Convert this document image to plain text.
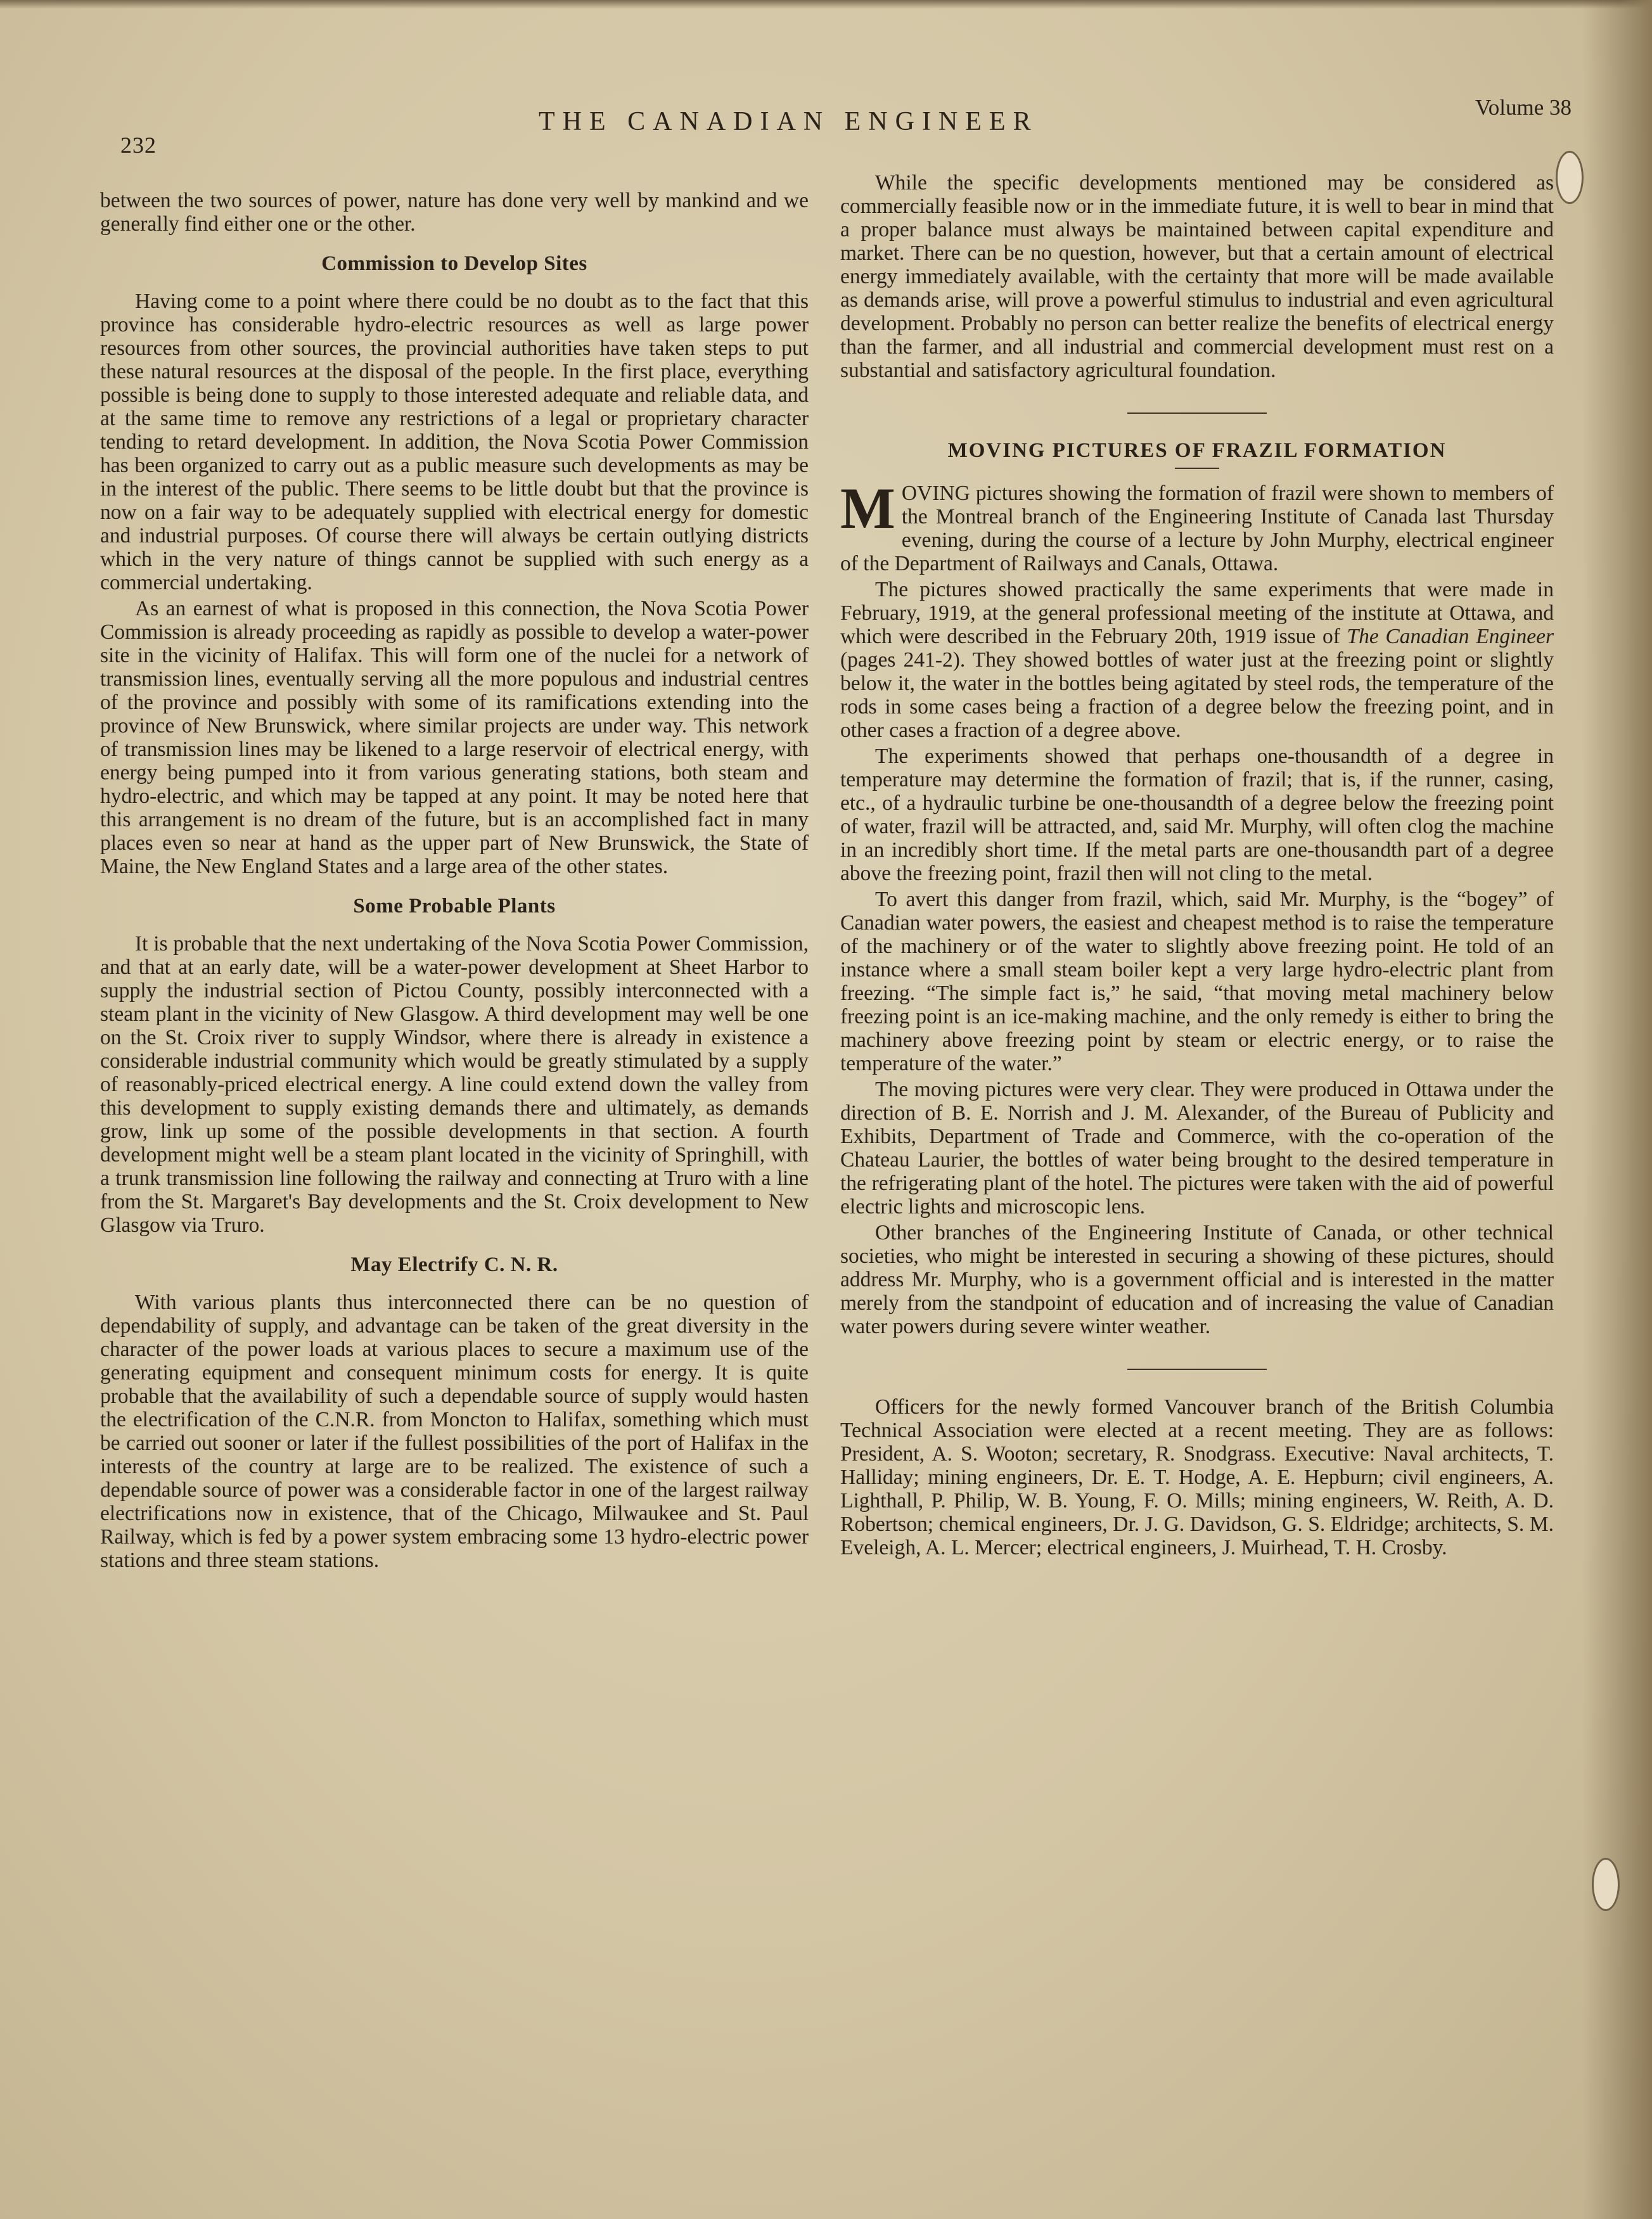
232
THE CANADIAN ENGINEER	Volume 38

between the two sources of power, nature has done very well by mankind and we generally find either one or the other.

Commission to Develop Sites

Having come to a point where there could be no doubt as to the fact that this province has considerable hydro-electric resources as well as large power resources from other sources, the provincial authorities have taken steps to put these natural resources at the disposal of the people. In the first place, everything possible is being done to supply to those interested adequate and reliable data, and at the same time to remove any restrictions of a legal or proprietary character tending to retard development. In addition, the Nova Scotia Power Commission has been organized to carry out as a public measure such developments as may be in the interest of the public. There seems to be little doubt but that the province is now on a fair way to be adequately supplied with electrical energy for domestic and industrial purposes. Of course there will always be certain outlying districts which in the very nature of things cannot be supplied with such energy as a commercial undertaking.

As an earnest of what is proposed in this connection, the Nova Scotia Power Commission is already proceeding as rapidly as possible to develop a water-power site in the vicinity of Halifax. This will form one of the nuclei for a network of transmission lines, eventually serving all the more populous and industrial centres of the province and possibly with some of its ramifications extending into the province of New Brunswick, where similar projects are under way. This network of transmission lines may be likened to a large reservoir of electrical energy, with energy being pumped into it from various generating stations, both steam and hydro-electric, and which may be tapped at any point. It may be noted here that this arrangement is no dream of the future, but is an accomplished fact in many places even so near at hand as the upper part of New Brunswick, the State of Maine, the New England States and a large area of the other states.

Some Probable Plants

It is probable that the next undertaking of the Nova Scotia Power Commission, and that at an early date, will be a water-power development at Sheet Harbor to supply the industrial section of Pictou County, possibly interconnected with a steam plant in the vicinity of New Glasgow. A third development may well be one on the St. Croix river to supply Windsor, where there is already in existence a considerable industrial community which would be greatly stimulated by a supply of reasonably-priced electrical energy. A line could extend down the valley from this development to supply existing demands there and ultimately, as demands grow, link up some of the possible developments in that section. A fourth development might well be a steam plant located in the vicinity of Springhill, with a trunk transmission line following the railway and connecting at Truro with a line from the St. Margaret's Bay developments and the St. Croix development to New Glasgow via Truro.

May Electrify C. N. R.

With various plants thus interconnected there can be no question of dependability of supply, and advantage can be taken of the great diversity in the character of the power loads at various places to secure a maximum use of the generating equipment and consequent minimum costs for energy. It is quite probable that the availability of such a dependable source of supply would hasten the electrification of the C.N.R. from Moncton to Halifax, something which must be carried out sooner or later if the fullest possibilities of the port of Halifax in the interests of the country at large are to be realized. The existence of such a dependable source of power was a considerable factor in one of the largest railway electrifications now in existence, that of the Chicago, Milwaukee and St. Paul Railway, which is fed by a power system embracing some 13 hydro-electric power stations and three steam stations.

While the specific developments mentioned may be considered as commercially feasible now or in the immediate future, it is well to bear in mind that a proper balance must always be maintained between capital expenditure and market. There can be no question, however, but that a certain amount of electrical energy immediately available, with the certainty that more will be made available as demands arise, will prove a powerful stimulus to industrial and even agricultural development. Probably no person can better realize the benefits of electrical energy than the farmer, and all industrial and commercial development must rest on a substantial and satisfactory agricultural foundation.

MOVING PICTURES OF FRAZIL FORMATION
M OVING pictures showing the formation of frazil were shown to members of the Montreal branch of the Engineering Institute of Canada last Thursday evening, during the course of a lecture by John Murphy, electrical engineer of the Department of Railways and Canals, Ottawa.

The pictures showed practically the same experiments that were made in February, 1919, at the general professional meeting of the institute at Ottawa, and which were described in the February 20th, 1919 issue of The Canadian Engineer (pages 241-2). They showed bottles of water just at the freezing point or slightly below it, the water in the bottles being agitated by steel rods, the temperature of the rods in some cases being a fraction of a degree below the freezing point, and in other cases a fraction of a degree above.

The experiments showed that perhaps one-thousandth of a degree in temperature may determine the formation of frazil; that is, if the runner, casing, etc., of a hydraulic turbine be one-thousandth of a degree below the freezing point of water, frazil will be attracted, and, said Mr. Murphy, will often clog the machine in an incredibly short time. If the metal parts are one-thousandth part of a degree above the freezing point, frazil then will not cling to the metal.

To avert this danger from frazil, which, said Mr. Murphy, is the “bogey” of Canadian water powers, the easiest and cheapest method is to raise the temperature of the machinery or of the water to slightly above freezing point. He told of an instance where a small steam boiler kept a very large hydro-electric plant from freezing. “The simple fact is,” he said, “that moving metal machinery below freezing point is an ice-making machine, and the only remedy is either to bring the machinery above freezing point by steam or electric energy, or to raise the temperature of the water.”

The moving pictures were very clear. They were produced in Ottawa under the direction of B. E. Norrish and J. M. Alexander, of the Bureau of Publicity and Exhibits, Department of Trade and Commerce, with the co-operation of the Chateau Laurier, the bottles of water being brought to the desired temperature in the refrigerating plant of the hotel. The pictures were taken with the aid of powerful electric lights and microscopic lens.

Other branches of the Engineering Institute of Canada, or other technical societies, who might be interested in securing a showing of these pictures, should address Mr. Murphy, who is a government official and is interested in the matter merely from the standpoint of education and of increasing the value of Canadian water powers during severe winter weather.

Officers for the newly formed Vancouver branch of the British Columbia Technical Association were elected at a recent meeting. They are as follows: President, A. S. Wooton; secretary, R. Snodgrass. Executive: Naval architects, T. Halliday; mining engineers, Dr. E. T. Hodge, A. E. Hepburn; civil engineers, A. Lighthall, P. Philip, W. B. Young, F. O. Mills; mining engineers, W. Reith, A. D. Robertson; chemical engineers, Dr. J. G. Davidson, G. S. Eldridge; architects, S. M. Eveleigh, A. L. Mercer; electrical engineers, J. Muirhead, T. H. Crosby.
